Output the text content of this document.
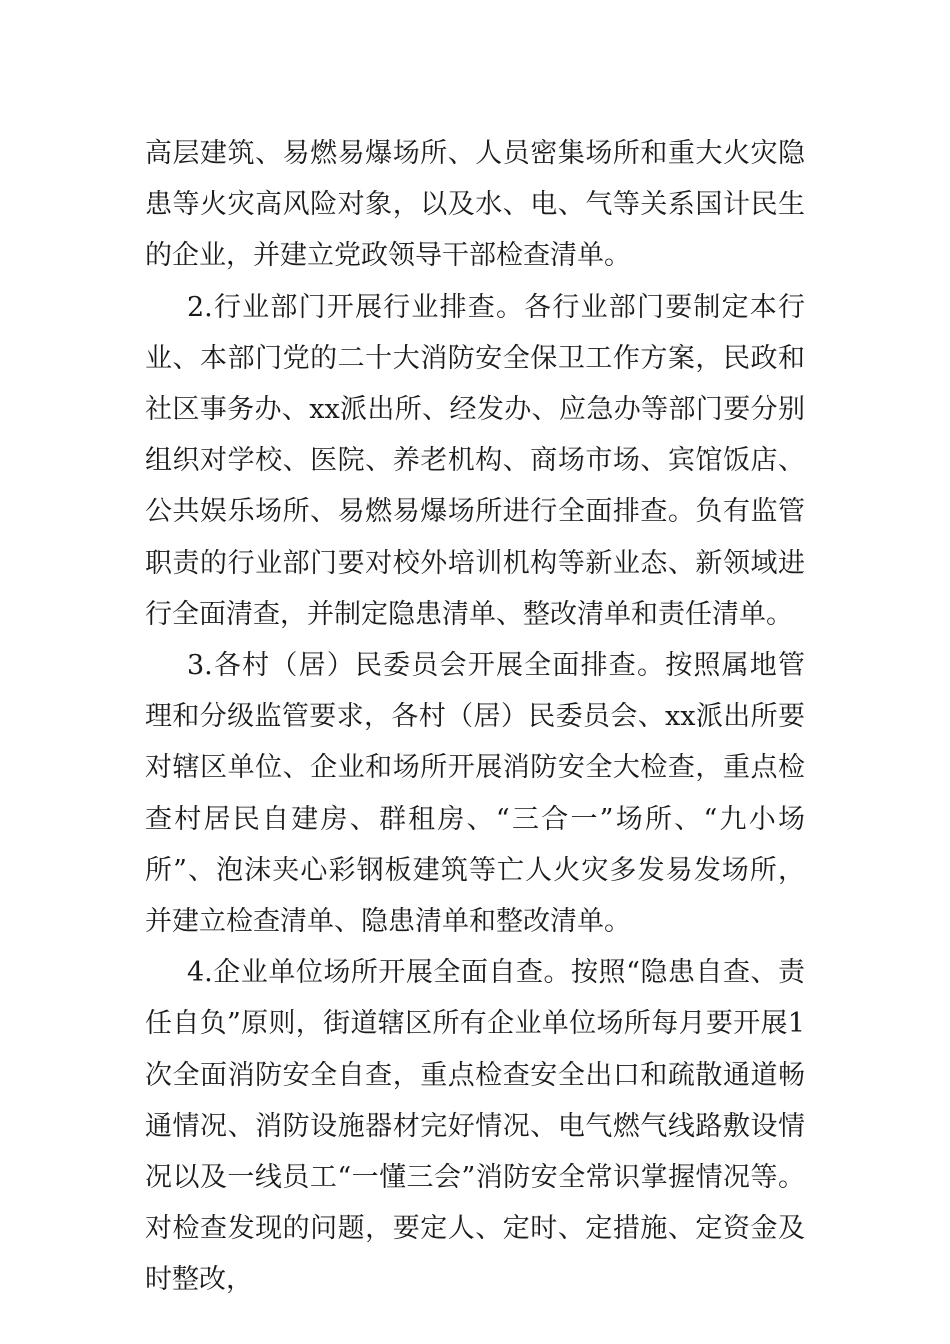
高层建筑、易燃易爆场所、人员密集场所和重大火灾隐患等火灾高风险对象，以及水、电、气等关系国计民生的企业，并建立党政领导干部检查清单。

2.行业部门开展行业排查。各行业部门要制定本行业、本部门党的二十大消防安全保卫工作方案，民政和社区事务办、xx派出所、经发办、应急办等部门要分别组织对学校、医院、养老机构、商场市场、宾馆饭店、公共娱乐场所、易燃易爆场所进行全面排查。负有监管职责的行业部门要对校外培训机构等新业态、新领域进行全面清查，并制定隐患清单、整改清单和责任清单。

3.各村（居）民委员会开展全面排查。按照属地管理和分级监管要求，各村（居）民委员会、xx派出所要对辖区单位、企业和场所开展消防安全大检查，重点检查村居民自建房、群租房、“三合一”场所、“九小场所”、泡沫夹心彩钢板建筑等亡人火灾多发易发场所，并建立检查清单、隐患清单和整改清单。

4.企业单位场所开展全面自查。按照“隐患自查、责任自负”原则，街道辖区所有企业单位场所每月要开展1次全面消防安全自查，重点检查安全出口和疏散通道畅通情况、消防设施器材完好情况、电气燃气线路敷设情况以及一线员工“一懂三会”消防安全常识掌握情况等。对检查发现的问题，要定人、定时、定措施、定资金及时整改，
